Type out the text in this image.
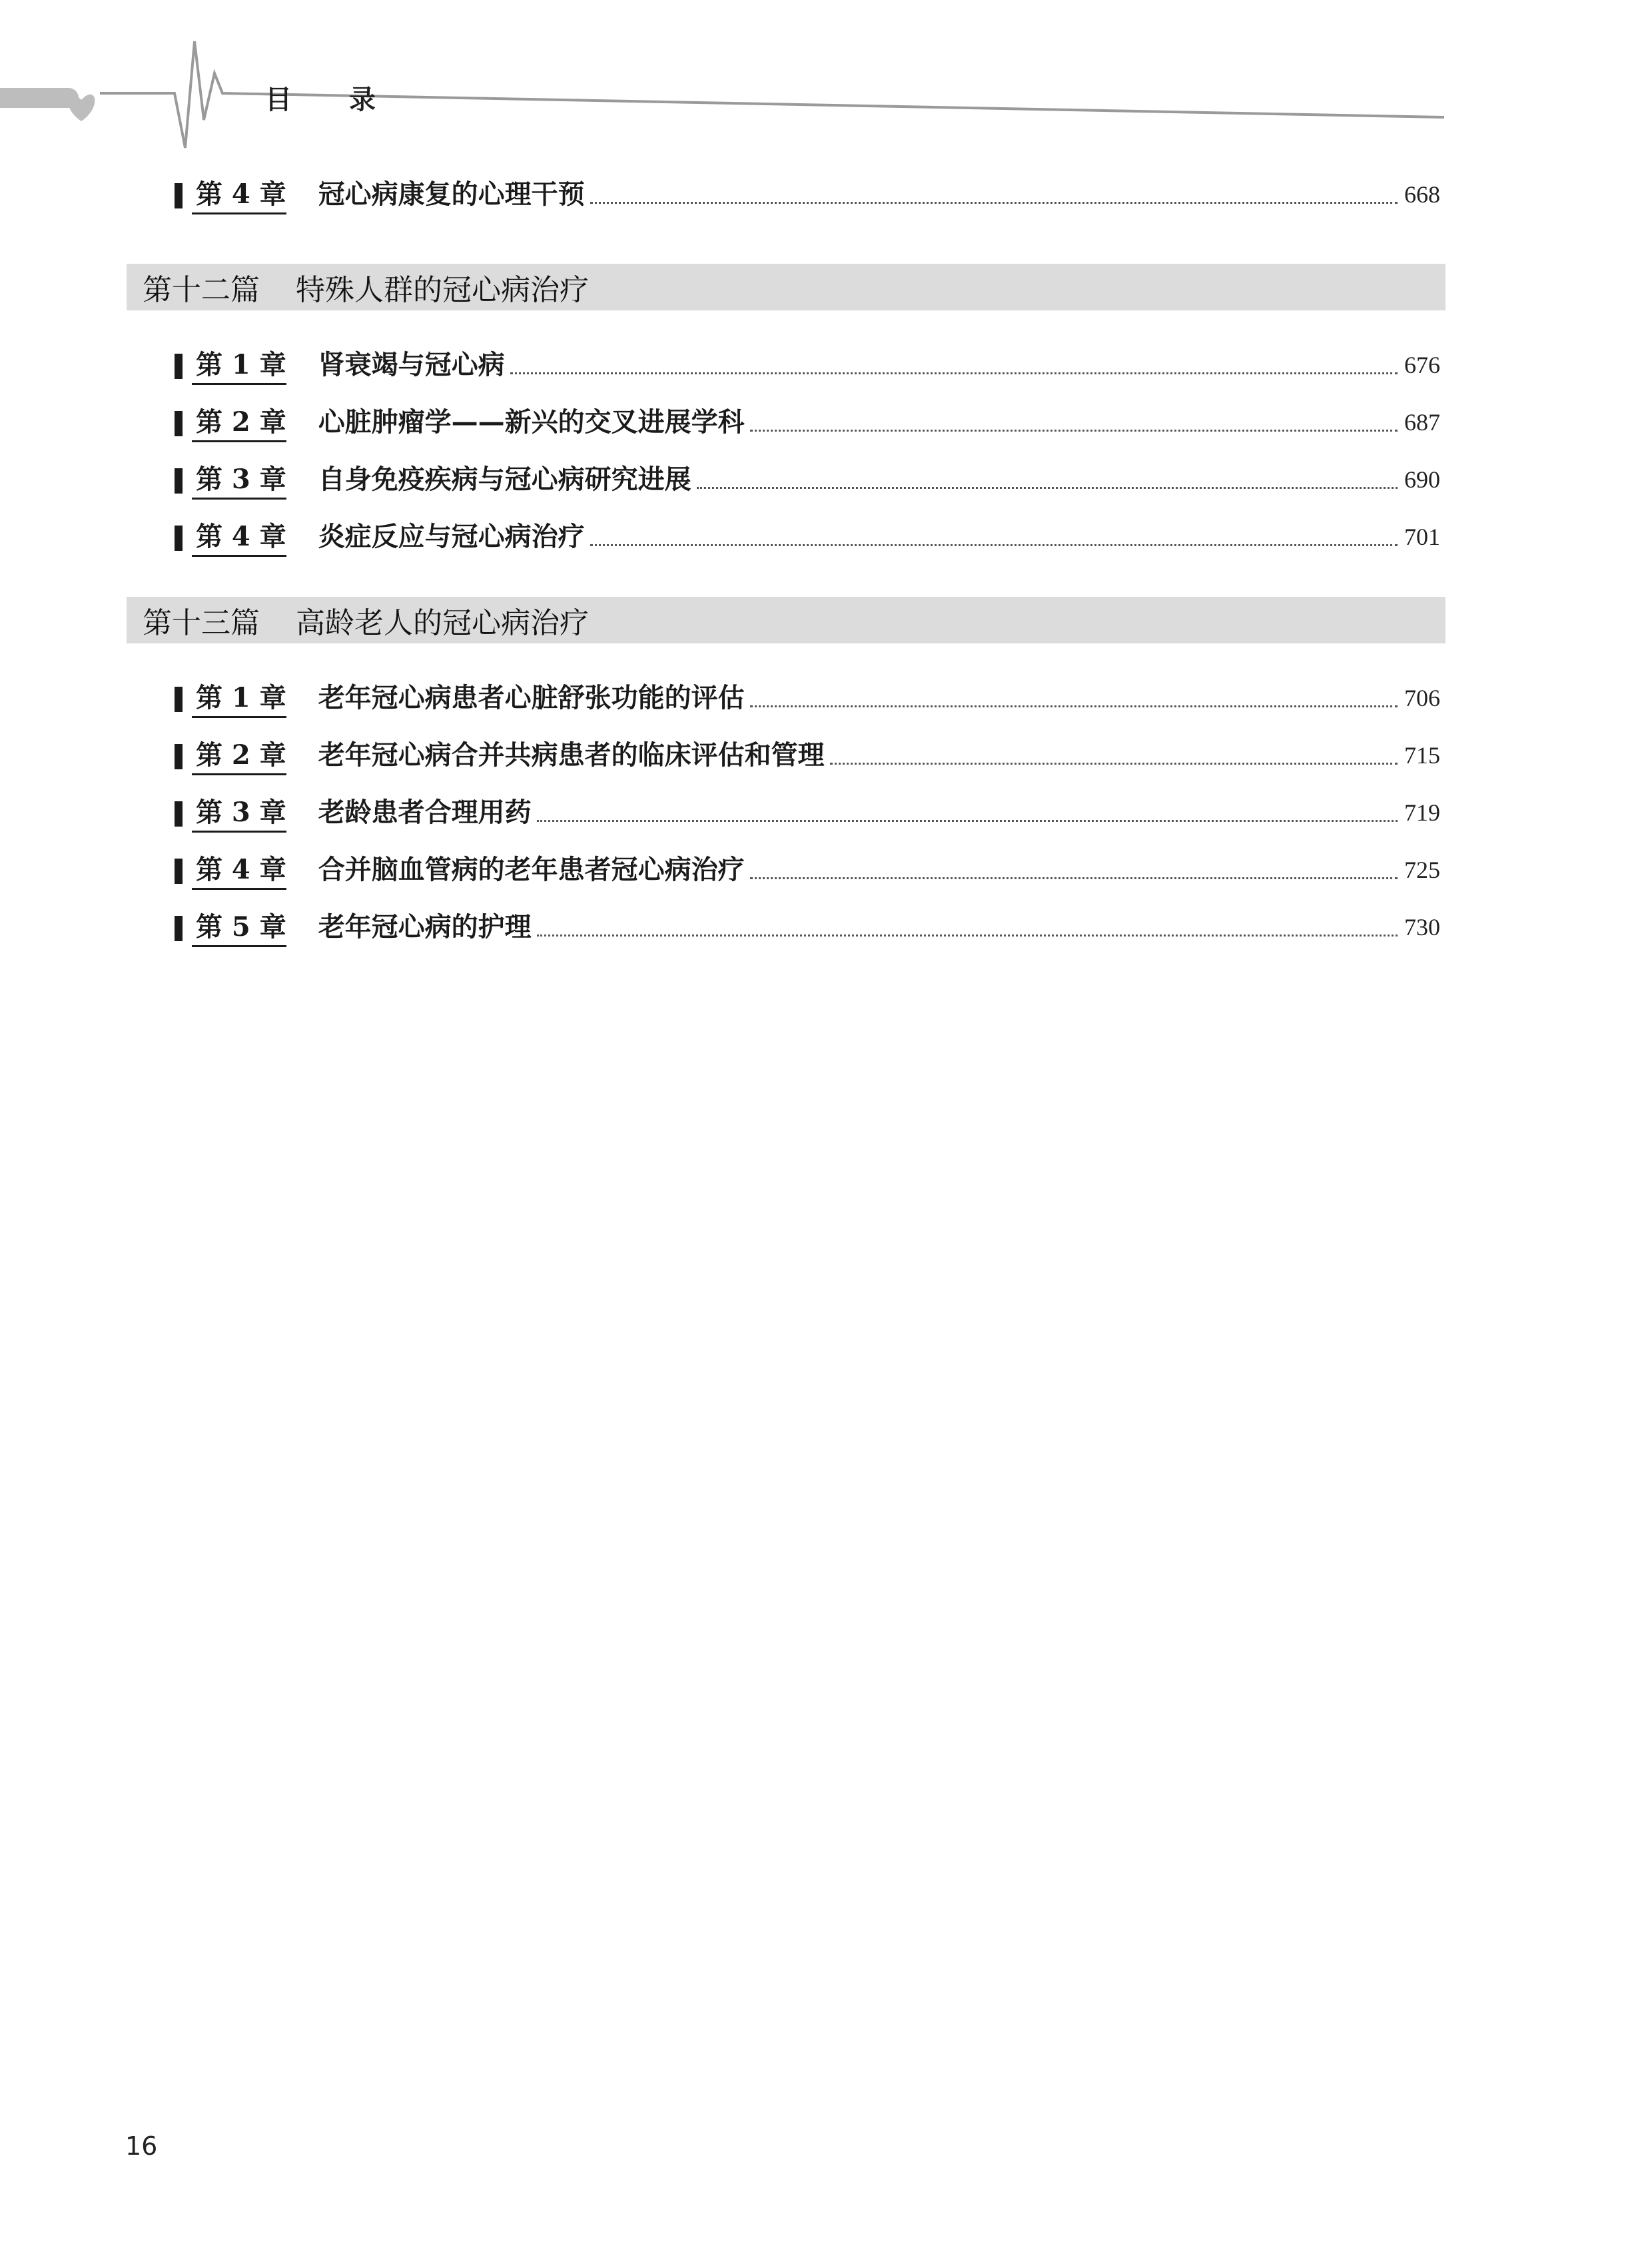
目 录
第 4 章 冠心病康复的心理干预	668
第十二篇 特殊人群的冠心病治疗
第 1 章 肾衰竭与冠心病	676
第 2 章 心脏肿瘤学——新兴的交叉进展学科	687
第 3 章 自身免疫疾病与冠心病研究进展	690
第 4 章 炎症反应与冠心病治疗	701
第十三篇 高龄老人的冠心病治疗
第 1 章 老年冠心病患者心脏舒张功能的评估	706
第 2 章 老年冠心病合并共病患者的临床评估和管理	715
第 3 章 老龄患者合理用药	719
第 4 章 合并脑血管病的老年患者冠心病治疗	725
第 5 章 老年冠心病的护理	730
16
